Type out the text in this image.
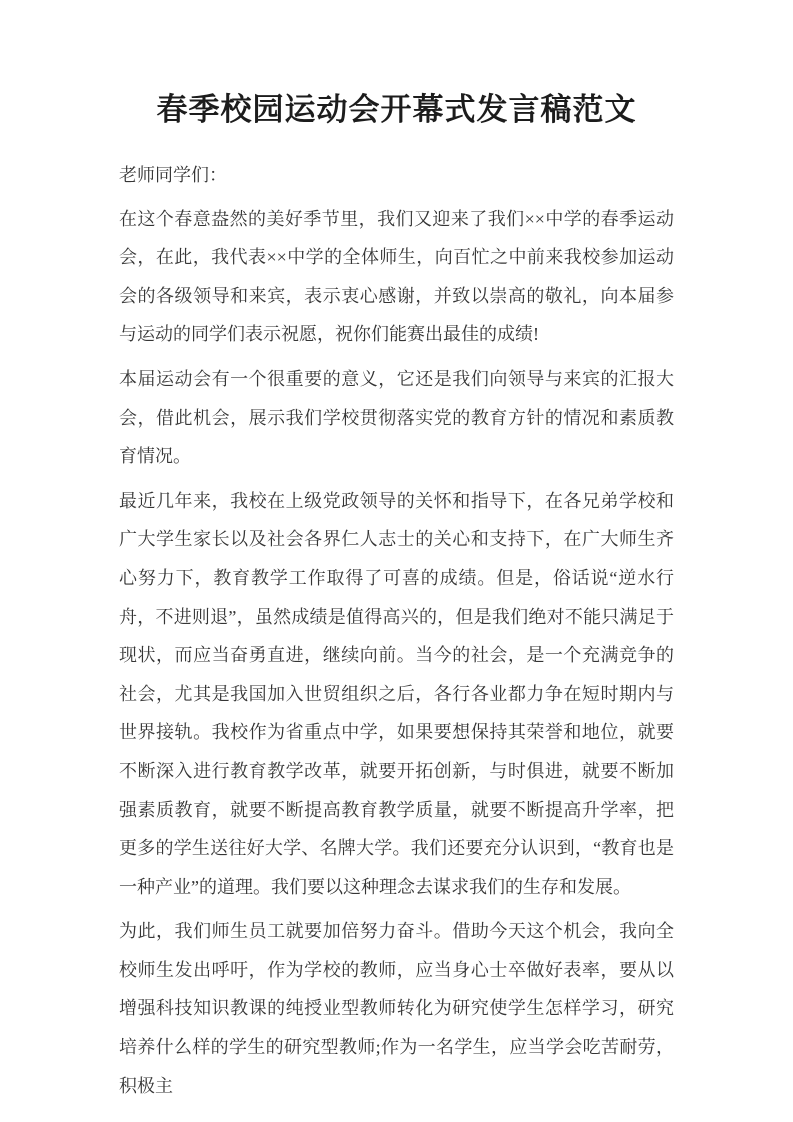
春季校园运动会开幕式发言稿范文

老师同学们：

在这个春意盎然的美好季节里，我们又迎来了我们××中学的春季运动会，在此，我代表××中学的全体师生，向百忙之中前来我校参加运动会的各级领导和来宾，表示衷心感谢，并致以崇高的敬礼，向本届参与运动的同学们表示祝愿，祝你们能赛出最佳的成绩!

本届运动会有一个很重要的意义，它还是我们向领导与来宾的汇报大会，借此机会，展示我们学校贯彻落实党的教育方针的情况和素质教育情况。

最近几年来，我校在上级党政领导的关怀和指导下，在各兄弟学校和广大学生家长以及社会各界仁人志士的关心和支持下，在广大师生齐心努力下，教育教学工作取得了可喜的成绩。但是，俗话说“逆水行舟，不进则退”，虽然成绩是值得高兴的，但是我们绝对不能只满足于现状，而应当奋勇直进，继续向前。当今的社会，是一个充满竞争的社会，尤其是我国加入世贸组织之后，各行各业都力争在短时期内与世界接轨。我校作为省重点中学，如果要想保持其荣誉和地位，就要不断深入进行教育教学改革，就要开拓创新，与时俱进，就要不断加强素质教育，就要不断提高教育教学质量，就要不断提高升学率，把更多的学生送往好大学、名牌大学。我们还要充分认识到，“教育也是一种产业”的道理。我们要以这种理念去谋求我们的生存和发展。

为此，我们师生员工就要加倍努力奋斗。借助今天这个机会，我向全校师生发出呼吁，作为学校的教师，应当身心士卒做好表率，要从以增强科技知识教课的纯授业型教师转化为研究使学生怎样学习，研究培养什么样的学生的研究型教师;作为一名学生，应当学会吃苦耐劳，积极主
